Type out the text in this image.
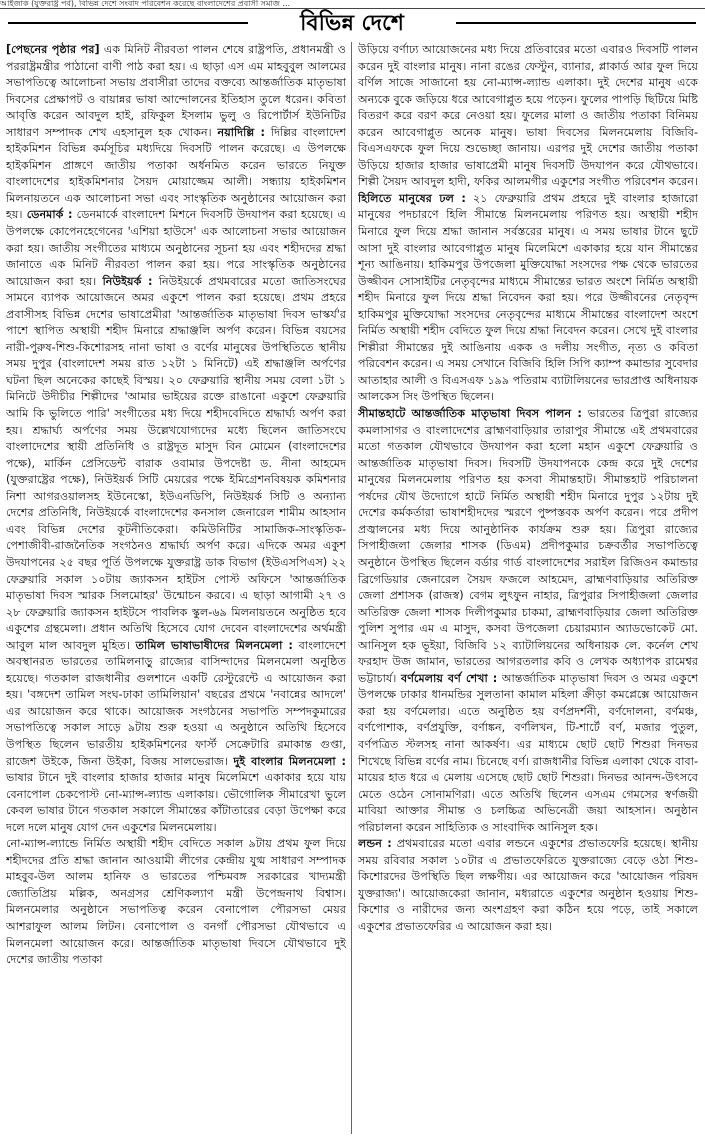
আইজাক (যুক্তরাষ্ট্র পর্ব), বিভিন্ন দেশে সংবাদ পরিবেশন করেছে বাংলাদেশের প্রবাসী সমাজ ...
বিভিন্ন দেশে

[পেছনের পৃষ্ঠার পর] এক মিনিট নীরবতা পালন শেষে রাষ্ট্রপতি, প্রধানমন্ত্রী ও পররাষ্ট্রমন্ত্রীর পাঠানো বাণী পাঠ করা হয়। এ ছাড়া এস এম মাহবুবুল আলমের সভাপতিত্বে আলোচনা সভায় প্রবাসীরা তাদের বক্তব্যে আন্তর্জাতিক মাতৃভাষা দিবসের প্রেক্ষাপট ও বায়ান্নর ভাষা আন্দোলনের ইতিহাস তুলে ধরেন। কবিতা আবৃত্তি করেন আবদুল হাই, রফিকুল ইসলাম ভুলু ও রিপোর্টার্স ইউনিটির সাধারণ সম্পাদক শেখ এহসানুল হক খোকন। নয়াদিল্লি : দিল্লির বাংলাদেশ হাইকমিশন বিভিন্ন কর্মসূচির মধ্যদিয়ে দিবসটি পালন করেছে। এ উপলক্ষে হাইকমিশন প্রাঙ্গণে জাতীয় পতাকা অর্ধনমিত করেন ভারতে নিযুক্ত বাংলাদেশের হাইকমিশনার সৈয়দ মোয়াজ্জেম আলী। সন্ধ্যায় হাইকমিশন মিলনায়তনে এক আলোচনা সভা এবং সাংস্কৃতিক অনুষ্ঠানের আয়োজন করা হয়। ডেনমার্ক : ডেনমার্কে বাংলাদেশ মিশনে দিবসটি উদযাপন করা হয়েছে। এ উপলক্ষে কোপেনহেগেনের 'এশিয়া হাউসে' এক আলোচনা সভার আয়োজন করা হয়। জাতীয় সংগীতের মাধ্যমে অনুষ্ঠানের সূচনা হয় এবং শহীদদের শ্রদ্ধা জানাতে এক মিনিট নীরবতা পালন করা হয়। পরে সাংস্কৃতিক অনুষ্ঠানের আয়োজন করা হয়। নিউইয়র্ক : নিউইয়র্কে প্রথমবারের মতো জাতিসংঘের সামনে ব্যাপক আয়োজনে অমর একুশে পালন করা হয়েছে। প্রথম প্রহরে প্রবাসীসহ বিভিন্ন দেশের ভাষাপ্রেমীরা 'আন্তর্জাতিক মাতৃভাষা দিবস ভাস্কর্য'র পাশে স্থাপিত অস্থায়ী শহীদ মিনারে শ্রদ্ধাঞ্জলি অর্পণ করেন। বিভিন্ন বয়সের নারী-পুরুষ-শিশু-কিশোরসহ নানা ভাষা ও বর্ণের মানুষের উপস্থিতিতে স্থানীয় সময় দুপুর (বাংলাদেশ সময় রাত ১২টা ১ মিনিটে) এই শ্রদ্ধাঞ্জলি অর্পণের ঘটনা ছিল অনেকের কাছেই বিস্ময়। ২০ ফেব্রুয়ারি স্থানীয় সময় বেলা ১টা ১ মিনিটে উদীচীর শিল্পীদের 'আমার ভাইয়ের রক্তে রাঙানো একুশে ফেব্রুয়ারি আমি কি ভুলিতে পারি' সংগীতের মধ্য দিয়ে শহীদবেদিতে শ্রদ্ধার্ঘ্য অর্পণ করা হয়। শ্রদ্ধার্ঘ্য অর্পণের সময় উল্লেখযোগ্যদের মধ্যে ছিলেন জাতিসংঘে বাংলাদেশের স্থায়ী প্রতিনিধি ও রাষ্ট্রদূত মাসুদ বিন মোমেন (বাংলাদেশের পক্ষে), মার্কিন প্রেসিডেন্ট বারাক ওবামার উপদেষ্টা ড. নীনা আহমেদ (যুক্তরাষ্ট্রের পক্ষে), নিউইয়র্ক সিটি মেয়রের পক্ষে ইমিগ্রেশনবিষয়ক কমিশনার নিশা আগরওয়ালসহ ইউনেস্কো, ইউএনডিপি, নিউইয়র্ক সিটি ও অন্যান্য দেশের প্রতিনিধি, নিউইয়র্কে বাংলাদেশের কনসাল জেনারেল শামীম আহসান এবং বিভিন্ন দেশের কূটনীতিকেরা। কমিউনিটির সামাজিক-সাংস্কৃতিক-পেশাজীবী-রাজনৈতিক সংগঠনও শ্রদ্ধার্ঘ্য অর্পণ করে। এদিকে অমর একুশ উদযাপনের ২৫ বছর পূর্তি উপলক্ষে যুক্তরাষ্ট্র ডাক বিভাগ (ইউএসপিএস) ২২ ফেব্রুয়ারি সকাল ১০টায় জ্যাকসন হাইটস পোস্ট অফিসে 'আন্তর্জাতিক মাতৃভাষা দিবস স্মারক সিলমোহর' উন্মোচন করবে। এ ছাড়া আগামী ২৭ ও ২৮ ফেব্রুয়ারি জ্যাকসন হাইটসে পাবলিক স্কুল-৬৯ মিলনায়তনে অনুষ্ঠিত হবে একুশের গ্রন্থমেলা। প্রধান অতিথি হিসেবে যোগ দেবেন বাংলাদেশের অর্থমন্ত্রী আবুল মাল আবদুল মুহিত। তামিল ভাষাভাষীদের মিলনমেলা : বাংলাদেশে অবস্থানরত ভারতের তামিলনাড়ু রাজ্যের বাসিন্দাদের মিলনমেলা অনুষ্ঠিত হয়েছে। গতকাল রাজধানীর গুলশানে একটি রেস্টুরেন্টে এ আয়োজন করা হয়। 'বঙ্গদেশ তামিল সংঘ-ঢাকা তামিলিয়ান' বছরের প্রথমে 'নবান্নের আদলে' এর আয়োজন করে থাকে। আয়োজক সংগঠনের সভাপতি সম্পদকুমারের সভাপতিত্বে সকাল সাড়ে ৯টায় শুরু হওয়া এ অনুষ্ঠানে অতিথি হিসেবে উপস্থিত ছিলেন ভারতীয় হাইকমিশনের ফার্স্ট সেক্রেটারি রমাকান্ত গুপ্তা, রাজেশ উইকে, জিনা উইকা, বিজয় সালভেরাজ। দুই বাংলার মিলনমেলা : ভাষার টানে দুই বাংলার হাজার হাজার মানুষ মিলেমিশে একাকার হয়ে যায় বেনাপোল চেকপোস্ট নো-ম্যান্স-ল্যান্ড এলাকায়। ভৌগোলিক সীমারেখা ভুলে কেবল ভাষার টানে গতকাল সকালে সীমান্তের কাঁটাতারের বেড়া উপেক্ষা করে দলে দলে মানুষ যোগ দেন একুশের মিলনমেলায়।

নো-ম্যান্স-ল্যান্ডে নির্মিত অস্থায়ী শহীদ বেদিতে সকাল ৯টায় প্রথম ফুল দিয়ে শহীদদের প্রতি শ্রদ্ধা জানান আওয়ামী লীগের কেন্দ্রীয় যুগ্ম সাধারণ সম্পাদক মাহবুব-উল আলম হানিফ ও ভারতের পশ্চিমবঙ্গ সরকারের খাদ্যমন্ত্রী জ্যোতিপ্রিয় মল্লিক, অনগ্রসর শ্রেণিকল্যাণ মন্ত্রী উপেন্দ্রনাথ বিশ্বাস। মিলনমেলার অনুষ্ঠানে সভাপতিত্ব করেন বেনাপোল পৌরসভা মেয়র আশরাফুল আলম লিটন। বেনাপোল ও বনগাঁ পৌরসভা যৌথভাবে এ মিলনমেলা আয়োজন করে। আন্তর্জাতিক মাতৃভাষা দিবসে যৌথভাবে দুই দেশের জাতীয় পতাকা

উড়িয়ে বর্ণাঢ্য আয়োজনের মধ্য দিয়ে প্রতিবারের মতো এবারও দিবসটি পালন করেন দুই বাংলার মানুষ। নানা রঙের ফেস্টুন, ব্যানার, প্লাকার্ড আর ফুল দিয়ে বর্ণিল সাজে সাজানো হয় নো-ম্যান্স-ল্যান্ড এলাকা। দুই দেশের মানুষ একে অন্যকে বুকে জড়িয়ে ধরে আবেগাপ্লুত হয়ে পড়েন। ফুলের পাপড়ি ছিটিয়ে মিষ্টি বিতরণ করে বরণ করে নেওয়া হয়। ফুলের মালা ও জাতীয় পতাকা বিনিময় করেন আবেগাপ্লুত অনেক মানুষ। ভাষা দিবসের মিলনমেলায় বিজিবি-বিএসএফকে ফুল দিয়ে শুভেচ্ছা জানায়। এরপর দুই দেশের জাতীয় পতাকা উড়িয়ে হাজার হাজার ভাষাপ্রেমী মানুষ দিবসটি উদযাপন করে যৌথভাবে। শিল্পী সৈয়দ আবদুল হাদী, ফকির আলমগীর একুশের সংগীত পরিবেশন করেন। হিলিতে মানুষের ঢল : ২১ ফেব্রুয়ারি প্রথম প্রহরে দুই বাংলার হাজারো মানুষের পদচারণে হিলি সীমান্তে মিলনমেলায় পরিণত হয়। অস্থায়ী শহীদ মিনারে ফুল দিয়ে শ্রদ্ধা জানান সর্বস্তরের মানুষ। এ সময় ভাষার টানে ছুটে আসা দুই বাংলার আবেগাপ্লুত মানুষ মিলেমিশে একাকার হয়ে যান সীমান্তের শূন্য আঙিনায়। হাকিমপুর উপজেলা মুক্তিযোদ্ধা সংসদের পক্ষ থেকে ভারতের উজ্জীবন সোসাইটির নেতৃবৃন্দের মাধ্যমে সীমান্তের ভারত অংশে নির্মিত অস্থায়ী শহীদ মিনারে ফুল দিয়ে শ্রদ্ধা নিবেদন করা হয়। পরে উজ্জীবনের নেতৃবৃন্দ হাকিমপুর মুক্তিযোদ্ধা সংসদের নেতৃবৃন্দের মাধ্যমে সীমান্তের বাংলাদেশ অংশে নির্মিত অস্থায়ী শহীদ বেদিতে ফুল দিয়ে শ্রদ্ধা নিবেদন করেন। সেখে দুই বাংলার শিল্পীরা সীমান্তের দুই আঙিনায় একক ও দলীয় সংগীত, নৃত্য ও কবিতা পরিবেশন করেন। এ সময় সেখানে বিজিবি হিলি সিপি ক্যাম্প কমান্ডার সুবেদার আতাহার আলী ও বিএসএফ ১৯৯ পতিরাম ব্যাটালিয়নের ভারপ্রাপ্ত অধিনায়ক আলকেস সিং উপস্থিত ছিলেন।

সীমান্তহাটে আন্তর্জাতিক মাতৃভাষা দিবস পালন : ভারতের ত্রিপুরা রাজ্যের কমলাসাগর ও বাংলাদেশের ব্রাহ্মণবাড়িয়ার তারাপুর সীমান্তে এই প্রথমবারের মতো গতকাল যৌথভাবে উদযাপন করা হলো মহান একুশে ফেব্রুয়ারি ও আন্তর্জাতিক মাতৃভাষা দিবস। দিবসটি উদযাপনকে কেন্দ্র করে দুই দেশের মানুষের মিলনমেলায় পরিণত হয় কসবা সীমান্তহাট। সীমান্তহাট পরিচালনা পর্ষদের যৌথ উদ্যোগে হাটে নির্মিত অস্থায়ী শহীদ মিনারে দুপুর ১২টায় দুই দেশের কর্মকর্তারা ভাষাশহীদদের স্মরণে পুষ্পস্তবক অর্পণ করেন। পরে প্রদীপ প্রজ্বালনের মধ্য দিয়ে আনুষ্ঠানিক কার্যক্রম শুরু হয়। ত্রিপুরা রাজ্যের সিপাহীজলা জেলার শাসক (ডিএম) প্রদীপকুমার চক্রবর্তীর সভাপতিত্বে অনুষ্ঠানে উপস্থিত ছিলেন বর্ডার গার্ড বাংলাদেশের সরাইল রিজিওন কমান্ডার ব্রিগেডিয়ার জেনারেল সৈয়দ ফজলে আহমেদ, ব্রাহ্মণবাড়িয়ার অতিরিক্ত জেলা প্রশাসক (রাজস্ব) বেগম লুৎফুন নাহার, ত্রিপুরার সিপাহীজলা জেলার অতিরিক্ত জেলা শাসক দিলীপকুমার চাকমা, ব্রাহ্মণবাড়িয়ার জেলা অতিরিক্ত পুলিশ সুপার এম এ মাসুদ, কসবা উপজেলা চেয়ারম্যান অ্যাডভোকেট মো. আনিসুল হক ভূইয়া, বিজিবি ১২ ব্যাটালিয়নের অধিনায়ক লে. কর্নেল শেখ ফরহাদ উজ জামান, ভারতের আগরতলার কবি ও লেখক অধ্যাপক রামেশ্বর ভট্টাচার্য। বর্ণমেলায় বর্ণ শেখা : আন্তর্জাতিক মাতৃভাষা দিবস ও অমর একুশে উপলক্ষে ঢাকার ধানমন্ডির সুলতানা কামাল মহিলা ক্রীড়া কমপ্লেক্সে আয়োজন করা হয় বর্ণমেলার। এতে অনুষ্ঠিত হয় বর্ণপ্রদর্শনী, বর্ণদোলনা, বর্ণমঞ্চ, বর্ণপোশাক, বর্ণপ্রযুক্তি, বর্ণাঙ্কন, বর্ণলিখন, টি-শার্টে বর্ণ, মজার পুতুল, বর্ণপত্রিত স্টলসহ নানা আকর্ষণ। এর মাধ্যমে ছোট ছোট শিশুরা দিনভর শিখেছে বিভিন্ন বর্ণের নাম। চিনেছে বর্ণ। রাজধানীর বিভিন্ন এলাকা থেকে বাবা-মায়ের হাত ধরে এ মেলায় এসেছে ছোট ছোট শিশুরা। দিনভর আনন্দ-উৎসবে মেতে ওঠেন সোনামণিরা। এতে অতিথি ছিলেন এসএম গেমসের স্বর্ণজয়ী মাবিয়া আক্তার সীমান্ত ও চলচ্চিত্র অভিনেত্রী জয়া আহসান। অনুষ্ঠান পরিচালনা করেন সাহিত্যিক ও সাংবাদিক আনিসুল হক।

লন্ডন : প্রথমবারের মতো এবার লন্ডনে একুশের প্রভাতফেরি হয়েছে। স্থানীয় সময় রবিবার সকাল ১০টার এ প্রভাতফেরিতে যুক্তরাজ্যে বেড়ে ওঠা শিশু-কিশোরদের উপস্থিতি ছিল লক্ষণীয়। এর আয়োজন করে 'আয়োজন পরিষদ যুক্তরাজ্য'। আয়োজকেরা জানান, মধ্যরাতে একুশের অনুষ্ঠান হওয়ায় শিশু-কিশোর ও নারীদের জন্য অংশগ্রহণ করা কঠিন হয়ে পড়ে, তাই সকালে একুশের প্রভাতফেরির এ আয়োজন করা হয়।
